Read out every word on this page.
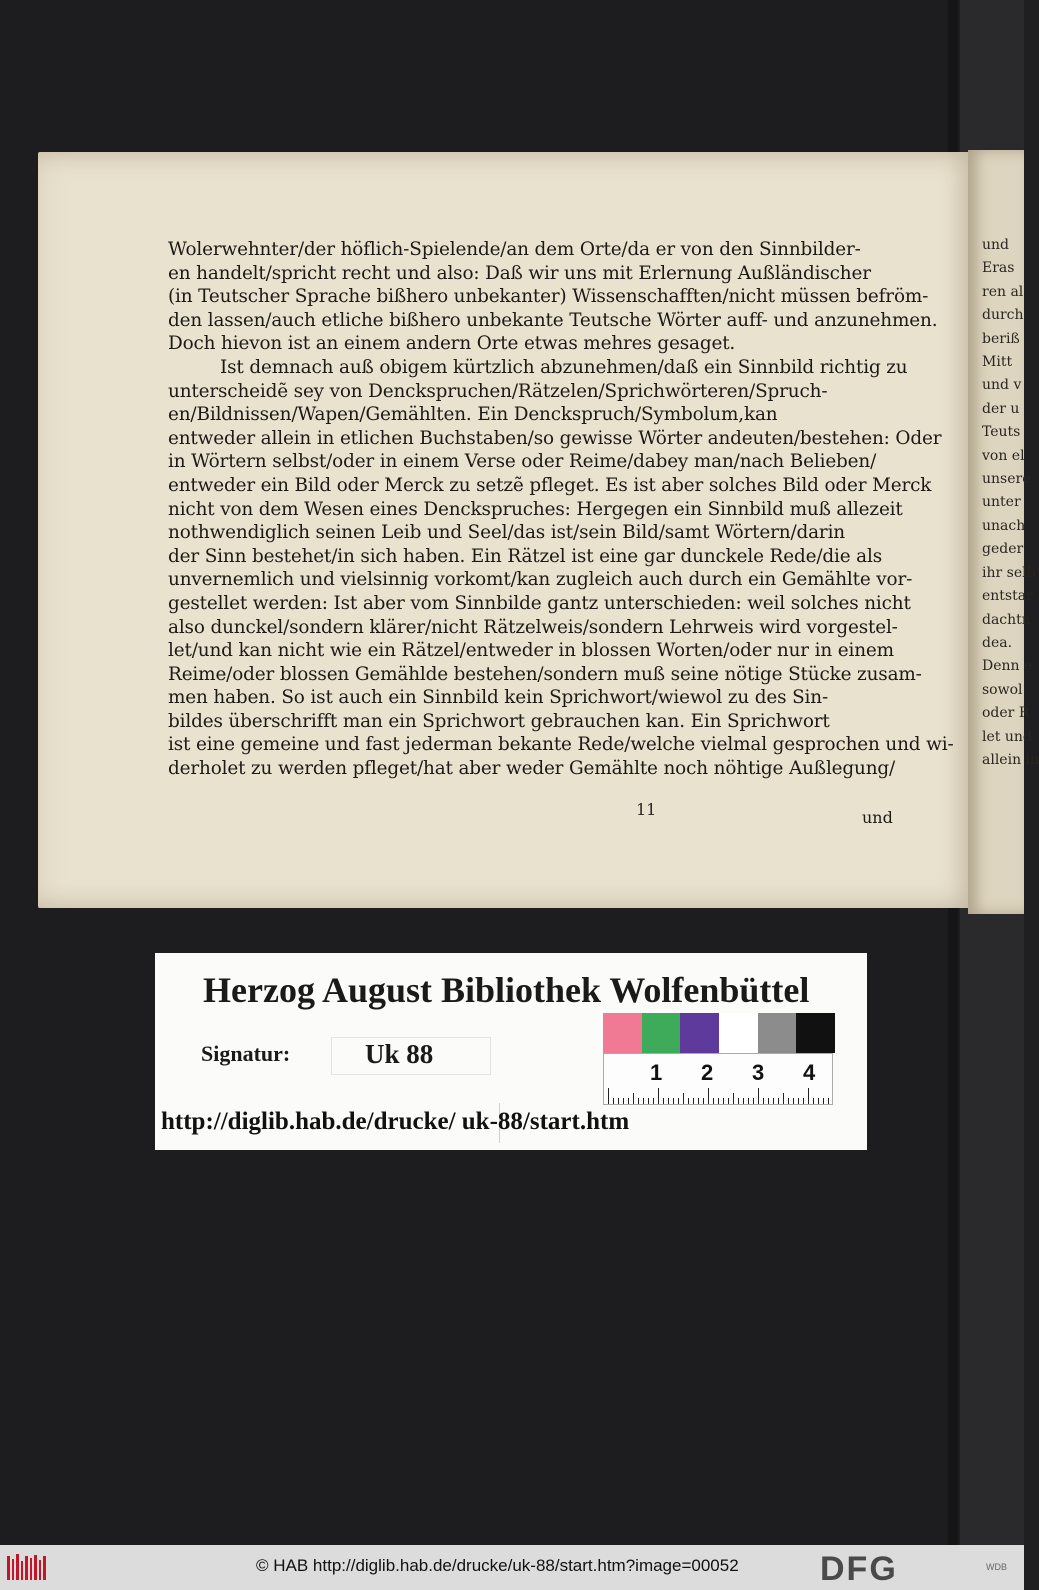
Wolerwehnter/der höflich-Spielende/an dem Orte/da er von den Sinnbilder-
en handelt/spricht recht und also: Daß wir uns mit Erlernung Außländischer
(in Teutscher Sprache bißhero unbekanter) Wissenschafften/nicht müssen befröm-
den lassen/auch etliche bißhero unbekante Teutsche Wörter auff- und anzunehmen.
Doch hievon ist an einem andern Orte etwas mehres gesaget.
Ist demnach auß obigem kürtzlich abzunehmen/daß ein Sinnbild richtig zu
unterscheidẽ sey von Denckspruchen/Rätzelen/Sprichwörteren/Spruch-
en/Bildnissen/Wapen/Gemählten. Ein Denckspruch/Symbolum,kan
entweder allein in etlichen Buchstaben/so gewisse Wörter andeuten/bestehen: Oder
in Wörtern selbst/oder in einem Verse oder Reime/dabey man/nach Belieben/
entweder ein Bild oder Merck zu setzẽ pfleget. Es ist aber solches Bild oder Merck
nicht von dem Wesen eines Denckspruches: Hergegen ein Sinnbild muß allezeit
nothwendiglich seinen Leib und Seel/das ist/sein Bild/samt Wörtern/darin
der Sinn bestehet/in sich haben. Ein Rätzel ist eine gar dunckele Rede/die als
unvernemlich und vielsinnig vorkomt/kan zugleich auch durch ein Gemählte vor-
gestellet werden: Ist aber vom Sinnbilde gantz unterschieden: weil solches nicht
also dunckel/sondern klärer/nicht Rätzelweis/sondern Lehrweis wird vorgestel-
let/und kan nicht wie ein Rätzel/entweder in blossen Worten/oder nur in einem
Reime/oder blossen Gemählde bestehen/sondern muß seine nötige Stücke zusam-
men haben. So ist auch ein Sinnbild kein Sprichwort/wiewol zu des Sin-
bildes überschrifft man ein Sprichwort gebrauchen kan. Ein Sprichwort
ist eine gemeine und fast jederman bekante Rede/welche vielmal gesprochen und wi-
derholet zu werden pfleget/hat aber weder Gemählte noch nöhtige Außlegung/
11	und
und
Eras
ren al
durch
beriß
Mitt
und v
der u
Teuts
von el
unsere
unter
unach
geder
ihr selb
entstar
dachtn
dea.
Denn e
sowol
oder R
let und
allein in
Herzog August Bibliothek Wolfenbüttel
Signatur:	Uk 88
1 2 3 4
http://diglib.hab.de/drucke/ uk-88/start.htm
© HAB http://diglib.hab.de/drucke/uk-88/start.htm?image=00052 DFG	WDB
